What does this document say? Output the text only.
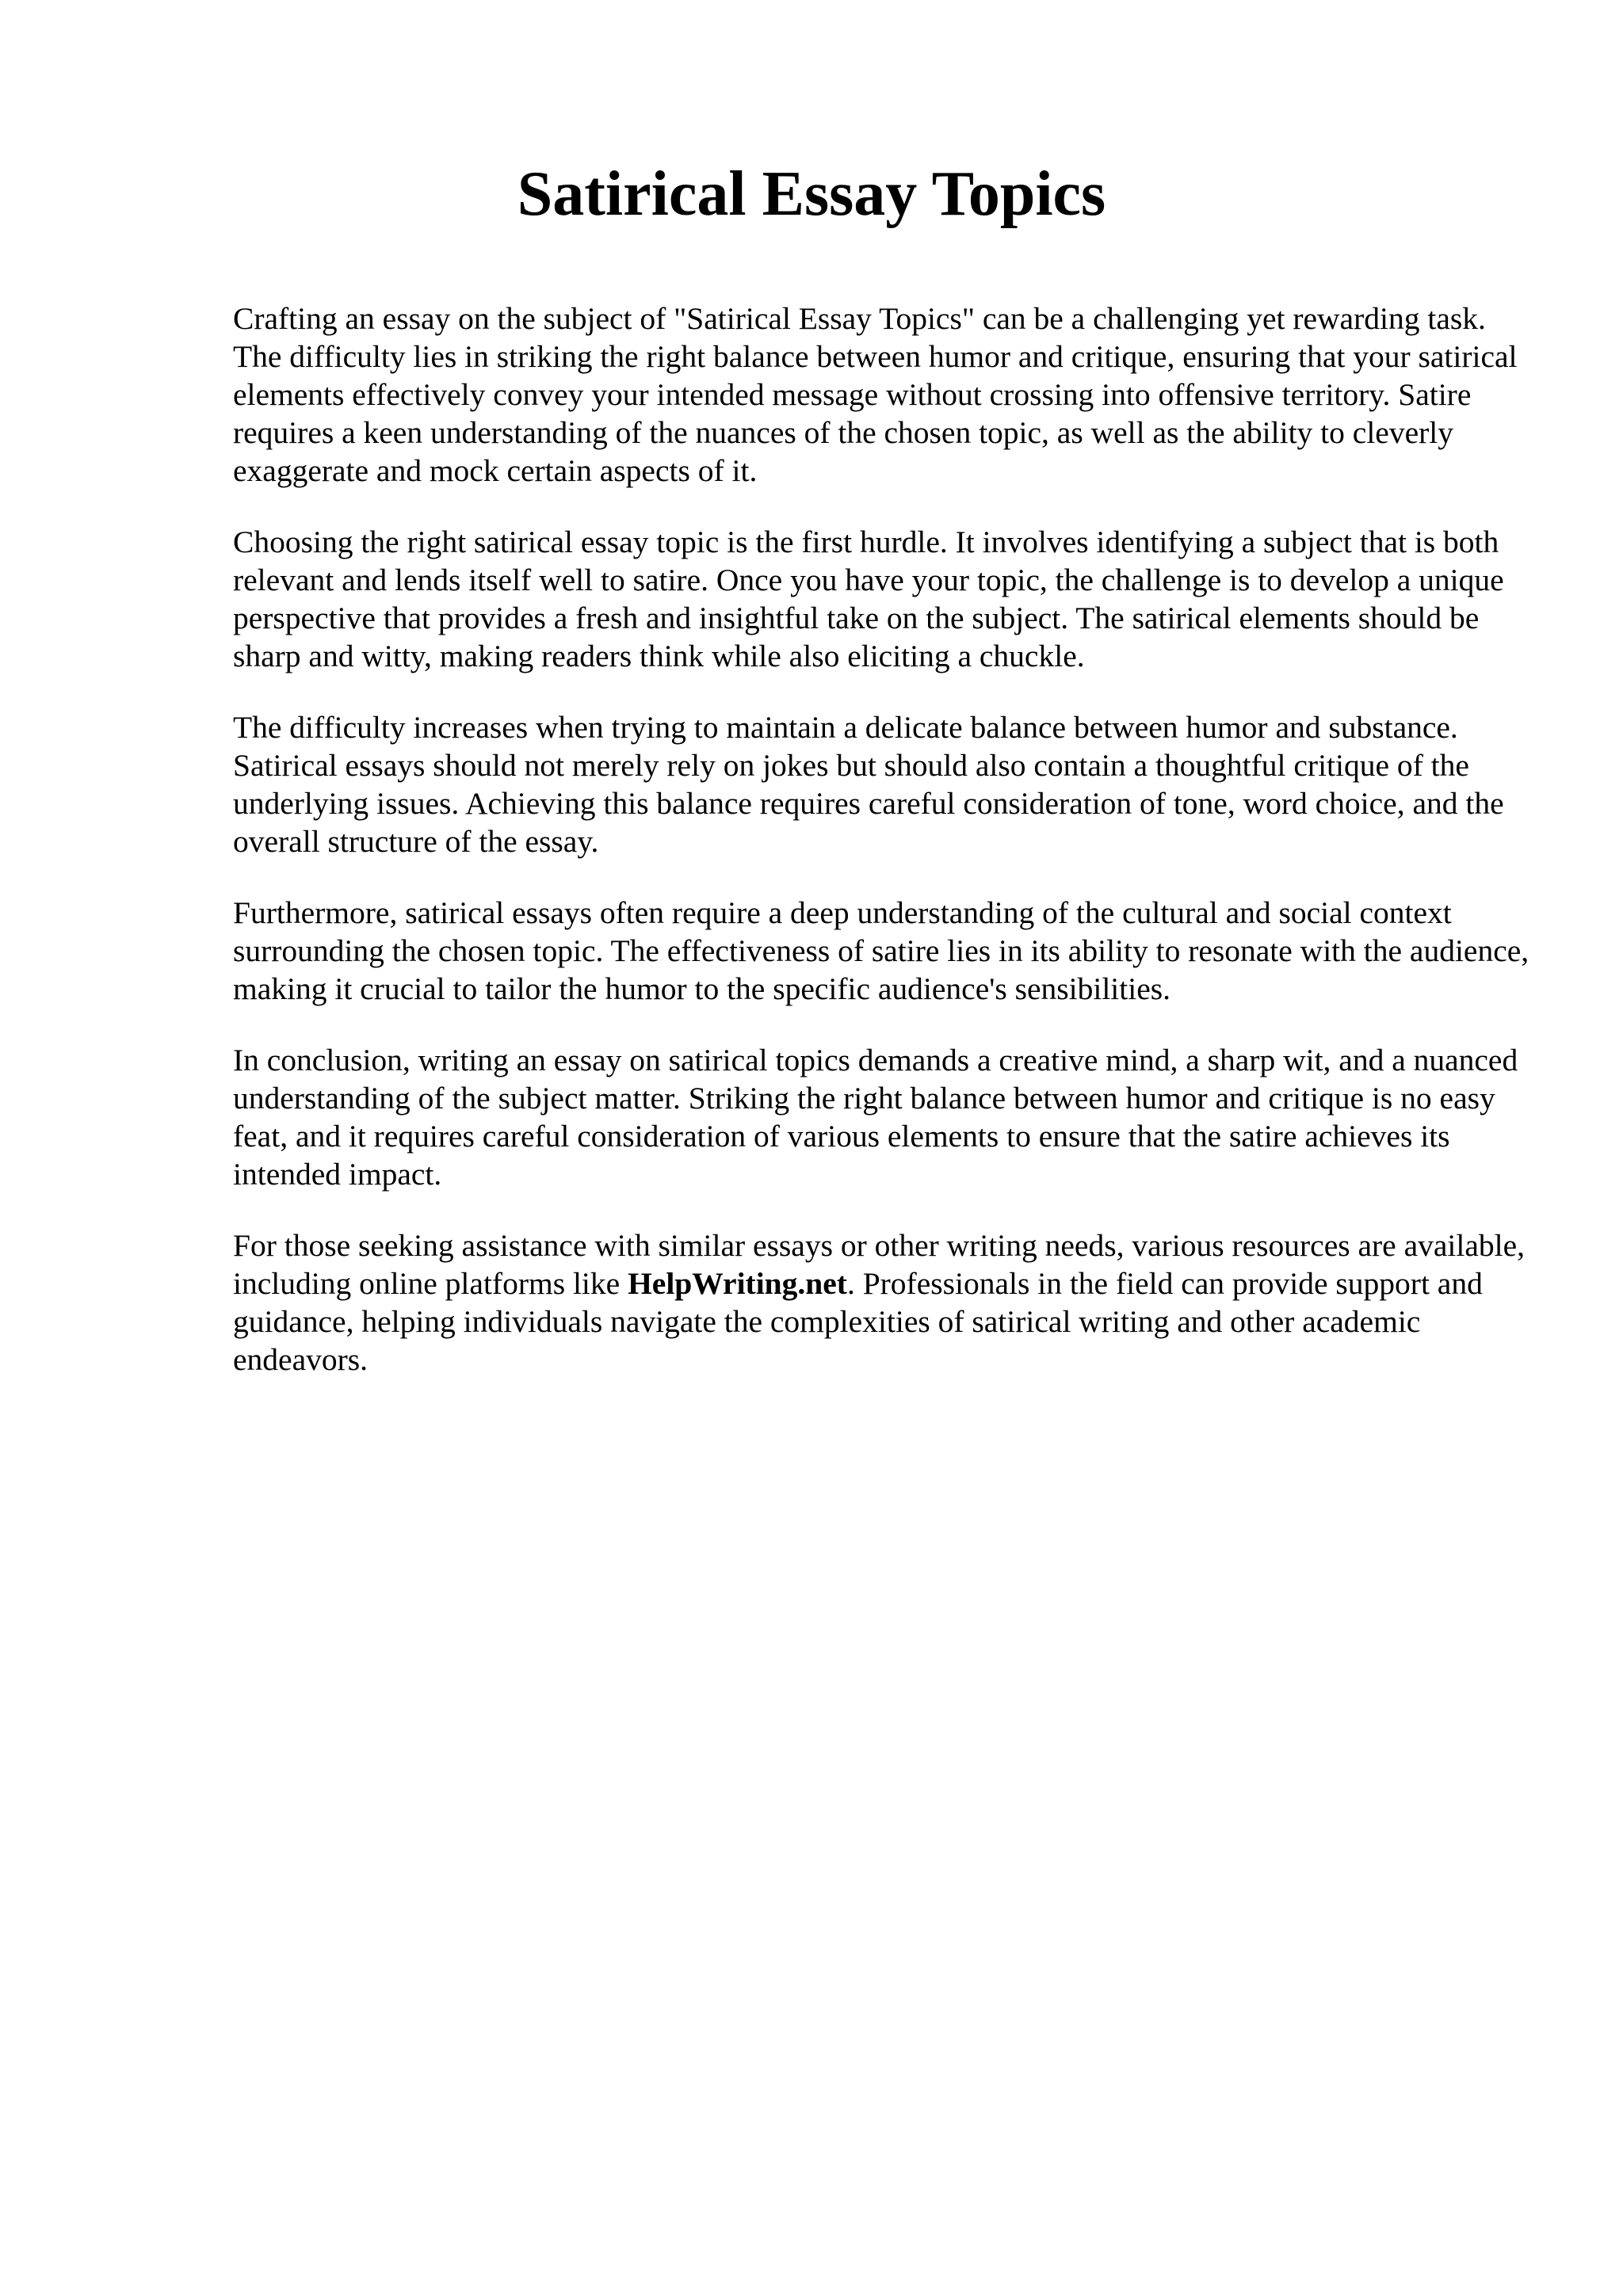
Satirical Essay Topics

Crafting an essay on the subject of "Satirical Essay Topics" can be a challenging yet rewarding task. The difficulty lies in striking the right balance between humor and critique, ensuring that your satirical elements effectively convey your intended message without crossing into offensive territory. Satire requires a keen understanding of the nuances of the chosen topic, as well as the ability to cleverly exaggerate and mock certain aspects of it.

Choosing the right satirical essay topic is the first hurdle. It involves identifying a subject that is both relevant and lends itself well to satire. Once you have your topic, the challenge is to develop a unique perspective that provides a fresh and insightful take on the subject. The satirical elements should be sharp and witty, making readers think while also eliciting a chuckle.

The difficulty increases when trying to maintain a delicate balance between humor and substance. Satirical essays should not merely rely on jokes but should also contain a thoughtful critique of the underlying issues. Achieving this balance requires careful consideration of tone, word choice, and the overall structure of the essay.

Furthermore, satirical essays often require a deep understanding of the cultural and social context surrounding the chosen topic. The effectiveness of satire lies in its ability to resonate with the audience, making it crucial to tailor the humor to the specific audience's sensibilities.

In conclusion, writing an essay on satirical topics demands a creative mind, a sharp wit, and a nuanced understanding of the subject matter. Striking the right balance between humor and critique is no easy feat, and it requires careful consideration of various elements to ensure that the satire achieves its intended impact.

For those seeking assistance with similar essays or other writing needs, various resources are available, including online platforms like HelpWriting.net. Professionals in the field can provide support and guidance, helping individuals navigate the complexities of satirical writing and other academic endeavors.
